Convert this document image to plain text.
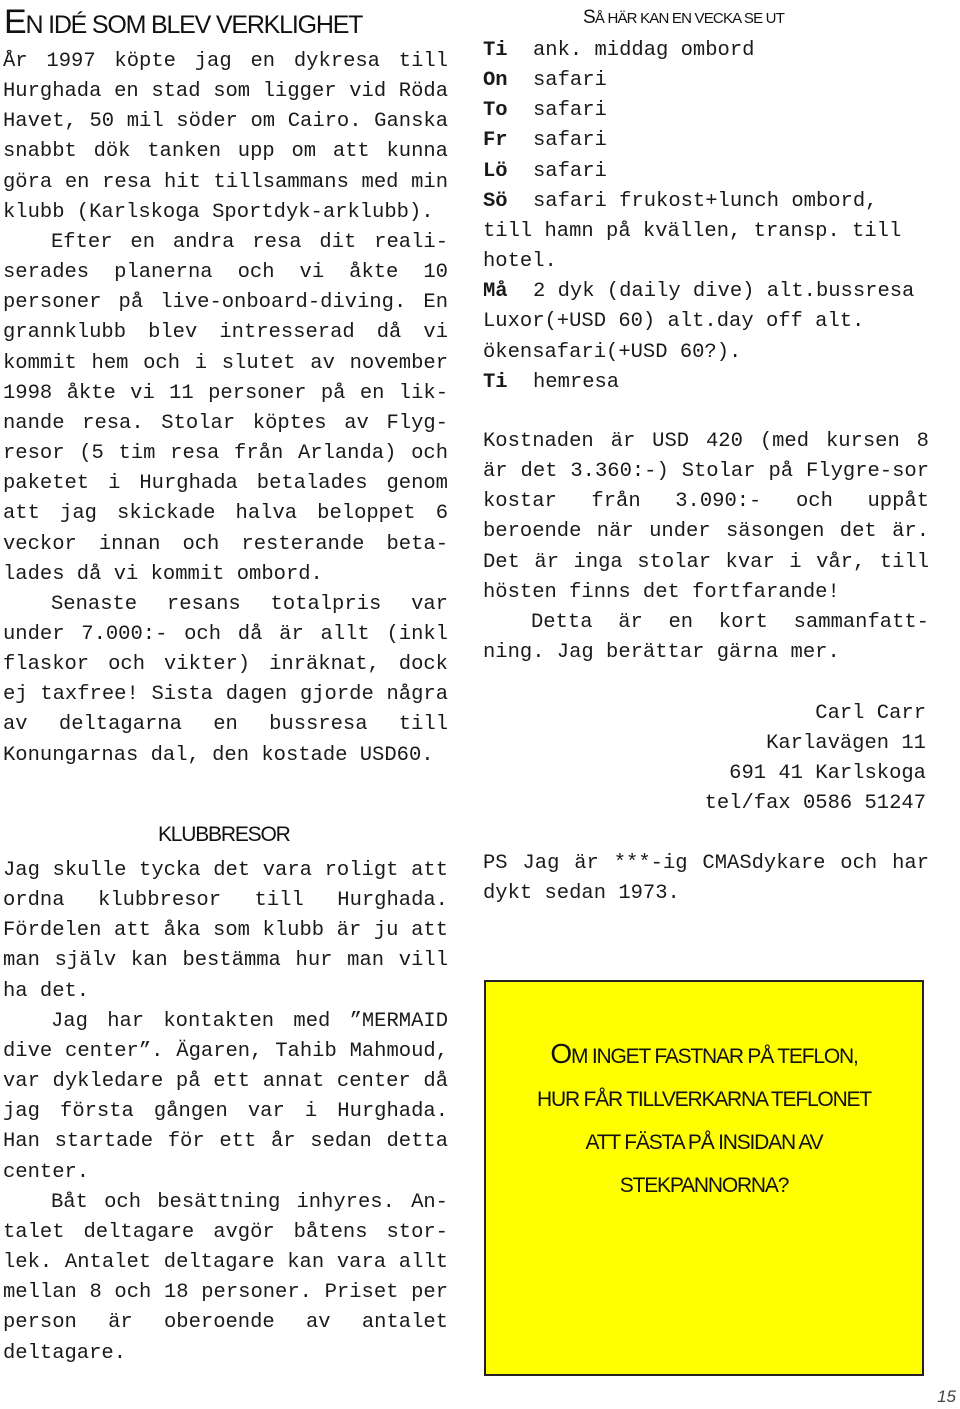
EN IDÉ SOM BLEV VERKLIGHET

År 1997 köpte jag en dykresa till Hurghada en stad som ligger vid Röda Havet, 50 mil söder om Cairo. Ganska snabbt dök tanken upp om att kunna göra en resa hit tillsammans med min klubb (Karlskoga Sportdyk-arklubb).

Efter en andra resa dit reali-serades planerna och vi åkte 10 personer på live-onboard-diving. En grannklubb blev intresserad då vi kommit hem och i slutet av november 1998 åkte vi 11 personer på en lik-nande resa. Stolar köptes av Flyg-resor (5 tim resa från Arlanda) och paketet i Hurghada betalades genom att jag skickade halva beloppet 6 veckor innan och resterande beta-lades då vi kommit ombord.

Senaste resans totalpris var under 7.000:- och då är allt (inkl flaskor och vikter) inräknat, dock ej taxfree! Sista dagen gjorde några av deltagarna en bussresa till Konungarnas dal, den kostade USD60.

KLUBBRESOR

Jag skulle tycka det vara roligt att ordna klubbresor till Hurghada. Fördelen att åka som klubb är ju att man själv kan bestämma hur man vill ha det.

Jag har kontakten med ”MERMAID dive center”. Ägaren, Tahib Mahmoud, var dykledare på ett annat center då jag första gången var i Hurghada. Han startade för ett år sedan detta center.

Båt och besättning inhyres. An-talet deltagare avgör båtens stor-lek. Antalet deltagare kan vara allt mellan 8 och 18 personer. Priset per person är oberoende av antalet deltagare.

SÅ HÄR KAN EN VECKA SE UT
Ti ank. middag ombord
On safari
To safari
Fr safari
Lö safari
Sö safari frukost+lunch ombord, till hamn på kvällen, transp. till hotel.
Må 2 dyk (daily dive) alt.bussresa Luxor(+USD 60) alt.day off alt. ökensafari(+USD 60?).
Ti hemresa

Kostnaden är USD 420 (med kursen 8 är det 3.360:-) Stolar på Flygre-sor kostar från 3.090:- och uppåt beroende när under säsongen det är. Det är inga stolar kvar i vår, till hösten finns det fortfarande!

Detta är en kort sammanfatt-ning. Jag berättar gärna mer.

Carl Carr
Karlavägen 11
691 41 Karlskoga
tel/fax 0586 51247

PS Jag är ***-ig CMASdykare och har dykt sedan 1973.

OM INGET FASTNAR PÅ TEFLON,
HUR FÅR TILLVERKARNA TEFLONET
ATT FÄSTA PÅ INSIDAN AV
STEKPANNORNA?

15
